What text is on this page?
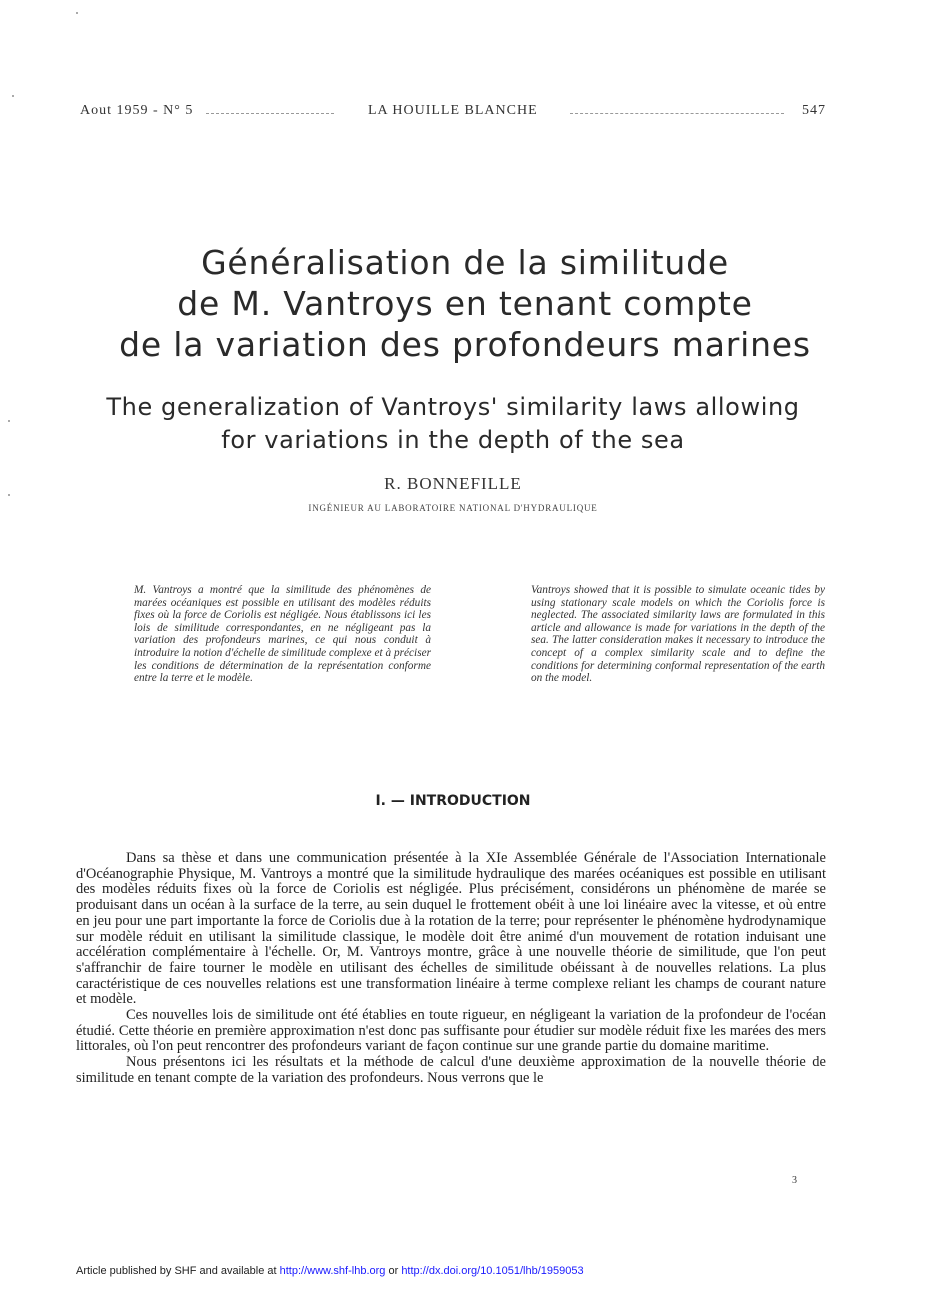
Aout 1959 - N° 5	LA HOUILLE BLANCHE	547
Généralisation de la similitude
de M. Vantroys en tenant compte
de la variation des profondeurs marines
The generalization of Vantroys' similarity laws allowing
for variations in the depth of the sea
R. BONNEFILLE
INGÉNIEUR AU LABORATOIRE NATIONAL D'HYDRAULIQUE
M. Vantroys a montré que la similitude des phénomènes de marées océaniques est possible en utilisant des modèles réduits fixes où la force de Coriolis est négligée. Nous établissons ici les lois de similitude correspondantes, en ne négligeant pas la variation des profondeurs marines, ce qui nous conduit à introduire la notion d'échelle de similitude complexe et à préciser les conditions de détermination de la représentation conforme entre la terre et le modèle.
Vantroys showed that it is possible to simulate oceanic tides by using stationary scale models on which the Coriolis force is neglected. The associated similarity laws are formulated in this article and allowance is made for variations in the depth of the sea. The latter consideration makes it necessary to introduce the concept of a complex similarity scale and to define the conditions for determining conformal representation of the earth on the model.
I. — INTRODUCTION

Dans sa thèse et dans une communication présentée à la XIe Assemblée Générale de l'Association Internationale d'Océanographie Physique, M. Vantroys a montré que la similitude hydraulique des marées océaniques est possible en utilisant des modèles réduits fixes où la force de Coriolis est négligée. Plus précisément, considérons un phénomène de marée se produisant dans un océan à la surface de la terre, au sein duquel le frottement obéit à une loi linéaire avec la vitesse, et où entre en jeu pour une part importante la force de Coriolis due à la rotation de la terre; pour représenter le phénomène hydrodynamique sur modèle réduit en utilisant la similitude classique, le modèle doit être animé d'un mouvement de rotation induisant une accélération complémentaire à l'échelle. Or, M. Vantroys montre, grâce à une nouvelle théorie de similitude, que l'on peut s'affranchir de faire tourner le modèle en utilisant des échelles de similitude obéissant à de nouvelles relations. La plus caractéristique de ces nouvelles relations est une transformation linéaire à terme complexe reliant les champs de courant nature et modèle.

Ces nouvelles lois de similitude ont été établies en toute rigueur, en négligeant la variation de la profondeur de l'océan étudié. Cette théorie en première approximation n'est donc pas suffisante pour étudier sur modèle réduit fixe les marées des mers littorales, où l'on peut rencontrer des profondeurs variant de façon continue sur une grande partie du domaine maritime.

Nous présentons ici les résultats et la méthode de calcul d'une deuxième approximation de la nouvelle théorie de similitude en tenant compte de la variation des profondeurs. Nous verrons que le

3
Article published by SHF and available at http://www.shf-lhb.org or http://dx.doi.org/10.1051/lhb/1959053
